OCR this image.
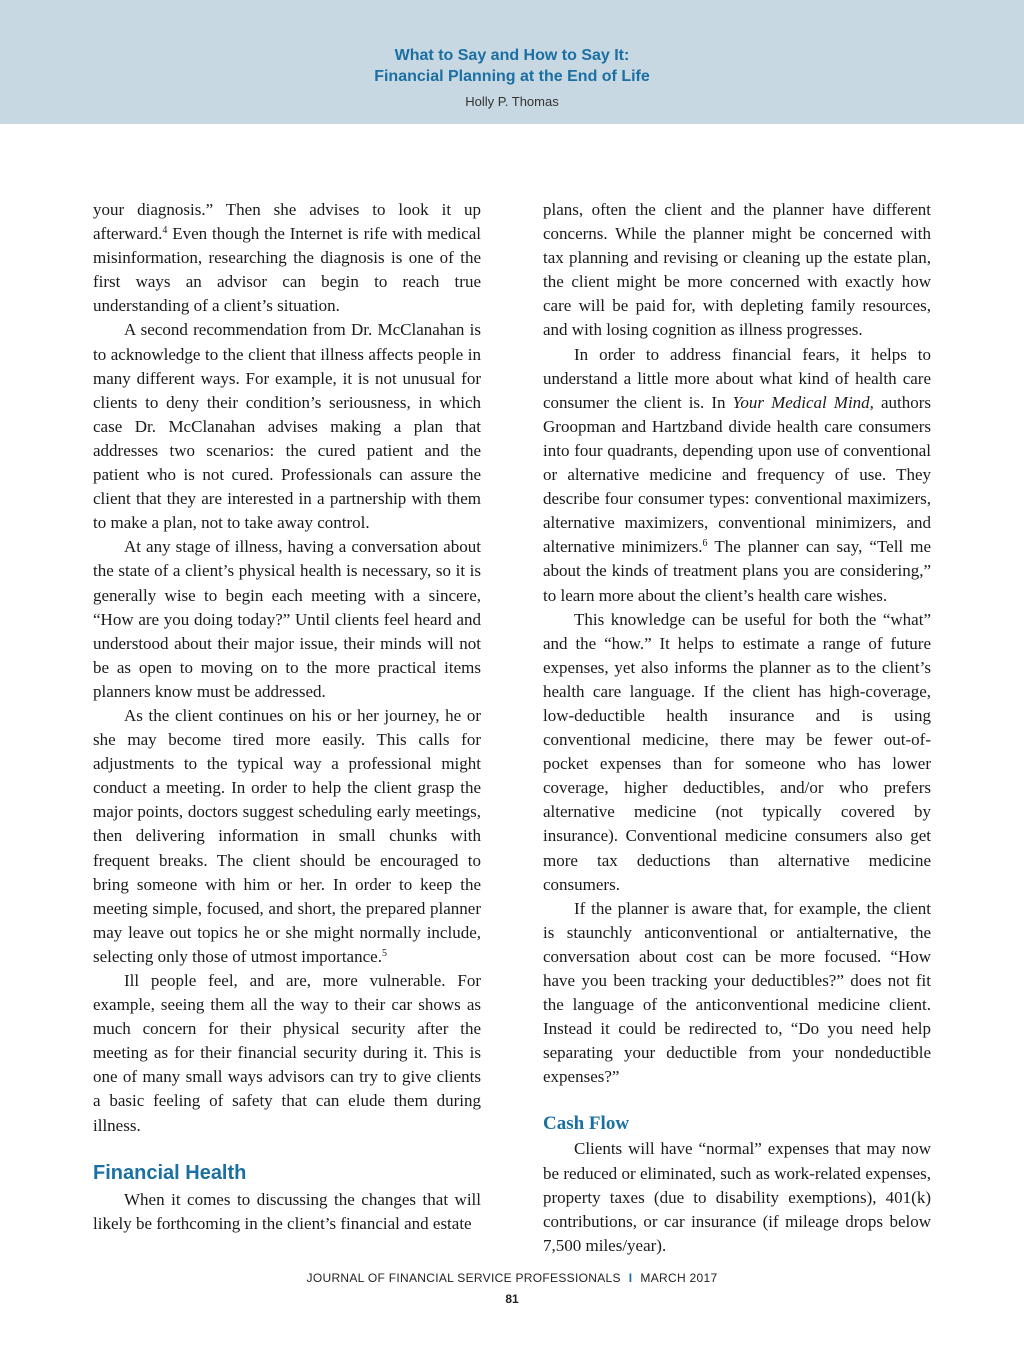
What to Say and How to Say It:
Financial Planning at the End of Life
Holly P. Thomas

your diagnosis.” Then she advises to look it up afterward.$^4$ Even though the Internet is rife with medical misinformation, researching the diagnosis is one of the first ways an advisor can begin to reach true understanding of a client’s situation.

A second recommendation from Dr. McClanahan is to acknowledge to the client that illness affects people in many different ways. For example, it is not unusual for clients to deny their condition’s seriousness, in which case Dr. McClanahan advises making a plan that addresses two scenarios: the cured patient and the patient who is not cured. Professionals can assure the client that they are interested in a partnership with them to make a plan, not to take away control.

At any stage of illness, having a conversation about the state of a client’s physical health is necessary, so it is generally wise to begin each meeting with a sincere, “How are you doing today?” Until clients feel heard and understood about their major issue, their minds will not be as open to moving on to the more practical items planners know must be addressed.

As the client continues on his or her journey, he or she may become tired more easily. This calls for adjustments to the typical way a professional might conduct a meeting. In order to help the client grasp the major points, doctors suggest scheduling early meetings, then delivering information in small chunks with frequent breaks. The client should be encouraged to bring someone with him or her. In order to keep the meeting simple, focused, and short, the prepared planner may leave out topics he or she might normally include, selecting only those of utmost importance.$^5$

Ill people feel, and are, more vulnerable. For example, seeing them all the way to their car shows as much concern for their physical security after the meeting as for their financial security during it. This is one of many small ways advisors can try to give clients a basic feeling of safety that can elude them during illness.

Financial Health

When it comes to discussing the changes that will likely be forthcoming in the client’s financial and estate

plans, often the client and the planner have different concerns. While the planner might be concerned with tax planning and revising or cleaning up the estate plan, the client might be more concerned with exactly how care will be paid for, with depleting family resources, and with losing cognition as illness progresses.

In order to address financial fears, it helps to understand a little more about what kind of health care consumer the client is. In Your Medical Mind, authors Groopman and Hartzband divide health care consumers into four quadrants, depending upon use of conventional or alternative medicine and frequency of use. They describe four consumer types: conventional maximizers, alternative maximizers, conventional minimizers, and alternative minimizers.$^6$ The planner can say, “Tell me about the kinds of treatment plans you are considering,” to learn more about the client’s health care wishes.

This knowledge can be useful for both the “what” and the “how.” It helps to estimate a range of future expenses, yet also informs the planner as to the client’s health care language. If the client has high-coverage, low-deductible health insurance and is using conventional medicine, there may be fewer out-of-pocket expenses than for someone who has lower coverage, higher deductibles, and/or who prefers alternative medicine (not typically covered by insurance). Conventional medicine consumers also get more tax deductions than alternative medicine consumers.

If the planner is aware that, for example, the client is staunchly anticonventional or antialternative, the conversation about cost can be more focused. “How have you been tracking your deductibles?” does not fit the language of the anticonventional medicine client. Instead it could be redirected to, “Do you need help separating your deductible from your nondeductible expenses?”

Cash Flow

Clients will have “normal” expenses that may now be reduced or eliminated, such as work-related expenses, property taxes (due to disability exemptions), 401(k) contributions, or car insurance (if mileage drops below 7,500 miles/year).

JOURNAL OF FINANCIAL SERVICE PROFESSIONALS I MARCH 2017
81
